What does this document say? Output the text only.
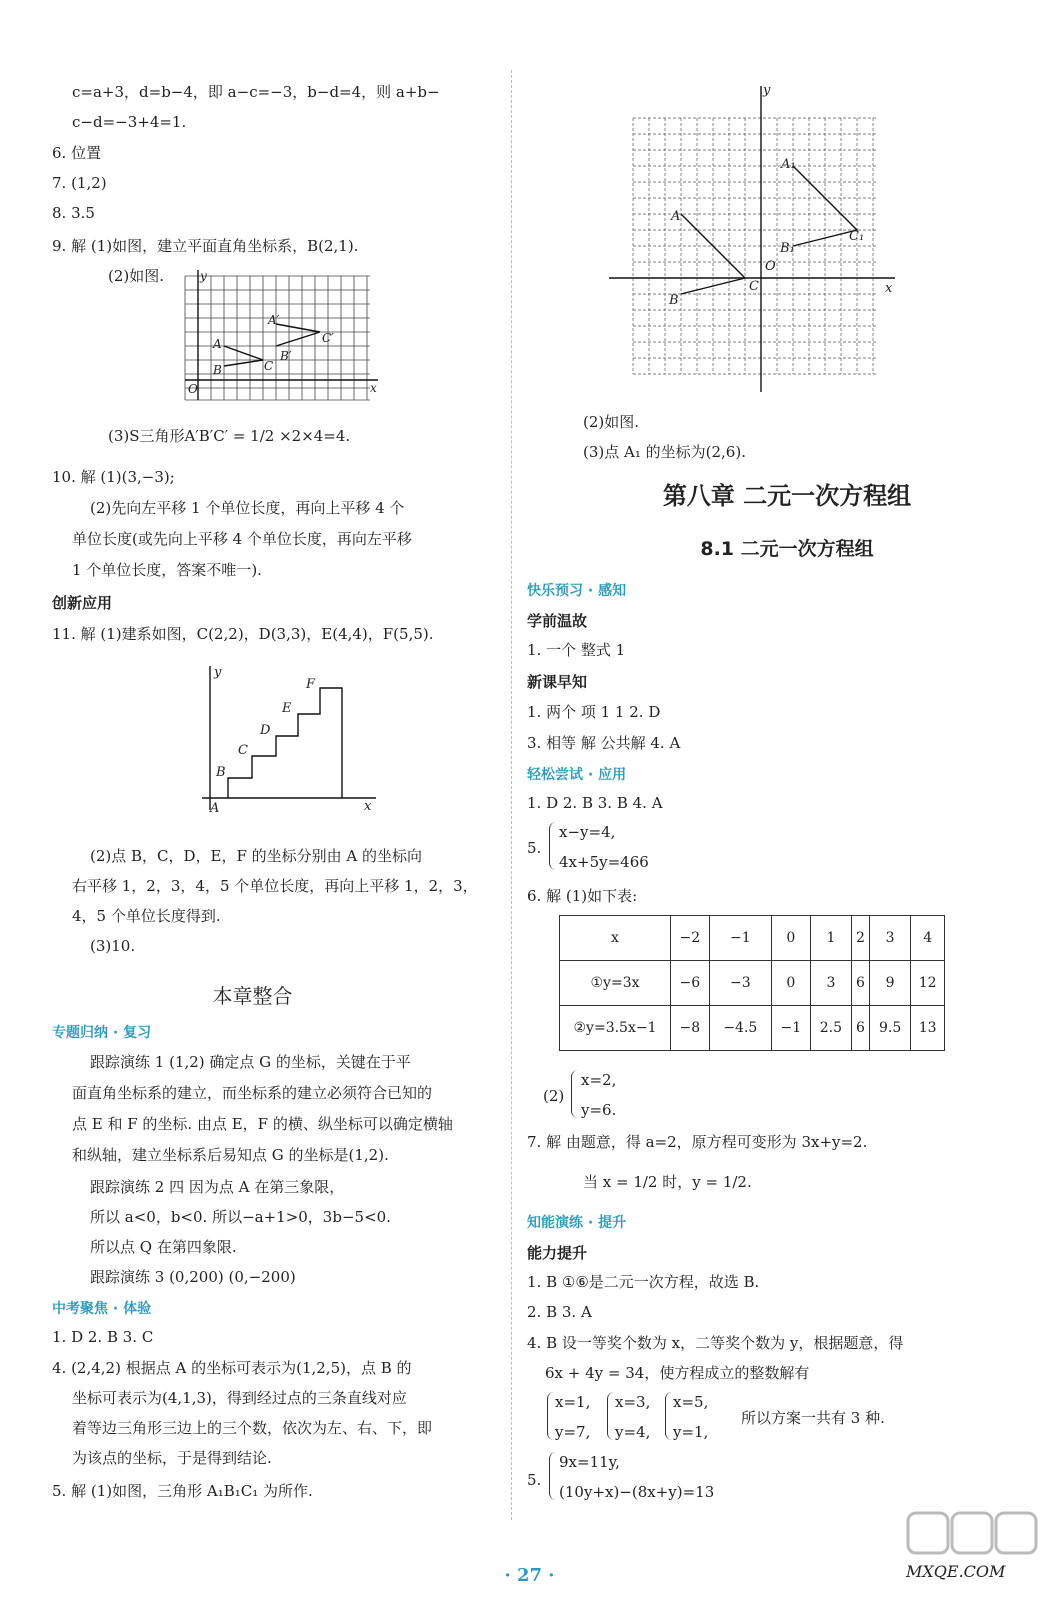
c=a+3，d=b−4，即 a−c=−3，b−d=4，则 a+b−
c−d=−3+4=1.
6. 位置
7. (1,2)
8. 3.5
9. 解 (1)如图，建立平面直角坐标系，B(2,1).
(2)如图.	y
A
B	C
A′
B′
C′
O	x
(3)S三角形A′B′C′ = 1/2 ×2×4=4.
10. 解 (1)(3,−3);
(2)先向左平移 1 个单位长度，再向上平移 4 个
单位长度(或先向上平移 4 个单位长度，再向左平移
1 个单位长度，答案不唯一).
创新应用
11. 解 (1)建系如图，C(2,2)，D(3,3)，E(4,4)，F(5,5).
y
F
E
D
C
B
A	x
(2)点 B，C，D，E，F 的坐标分别由 A 的坐标向
右平移 1，2，3，4，5 个单位长度，再向上平移 1，2，3，
4，5 个单位长度得到.
(3)10.
本章整合
专题归纳 · 复习
跟踪演练 1 (1,2) 确定点 G 的坐标，关键在于平
面直角坐标系的建立，而坐标系的建立必须符合已知的
点 E 和 F 的坐标. 由点 E，F 的横、纵坐标可以确定横轴
和纵轴，建立坐标系后易知点 G 的坐标是(1,2).
跟踪演练 2 四 因为点 A 在第三象限，
所以 a<0，b<0. 所以−a+1>0，3b−5<0.
所以点 Q 在第四象限.
跟踪演练 3 (0,200) (0,−200)
中考聚焦 · 体验
1. D 2. B 3. C
4. (2,4,2) 根据点 A 的坐标可表示为(1,2,5)，点 B 的
坐标可表示为(4,1,3)，得到经过点的三条直线对应
着等边三角形三边上的三个数，依次为左、右、下，即
为该点的坐标，于是得到结论.
5. 解 (1)如图，三角形 A₁B₁C₁ 为所作.
y
A₁
A
B₁
C₁
O
C
B
x
(2)如图.
(3)点 A₁ 的坐标为(2,6).
第八章 二元一次方程组
8.1 二元一次方程组
快乐预习 · 感知
学前温故
1. 一个 整式 1
新课早知
1. 两个 项 1 1 2. D
3. 相等 解 公共解 4. A
轻松尝试 · 应用
1. D 2. B 3. B 4. A
5.
x−y=4,
4x+5y=466
6. 解 (1)如下表:
x	−2	−1	0	1	2	3	4
①y=3x	−6	−3	0	3	6	9	12
②y=3.5x−1	−8	−4.5	−1	2.5	6	9.5	13
(2)
x=2,
y=6.
7. 解 由题意，得 a=2，原方程可变形为 3x+y=2.
当 x = 1/2 时，y = 1/2.
知能演练 · 提升
能力提升
1. B ①⑥是二元一次方程，故选 B.
2. B 3. A
4. B 设一等奖个数为 x，二等奖个数为 y，根据题意，得
6x + 4y = 34，使方程成立的整数解有
x=1,
y=7,
x=3,
y=4,
x=5,
y=1,
所以方案一共有 3 种.
5.
9x=11y,
(10y+x)−(8x+y)=13
· 27 ·	MXQE.COM
